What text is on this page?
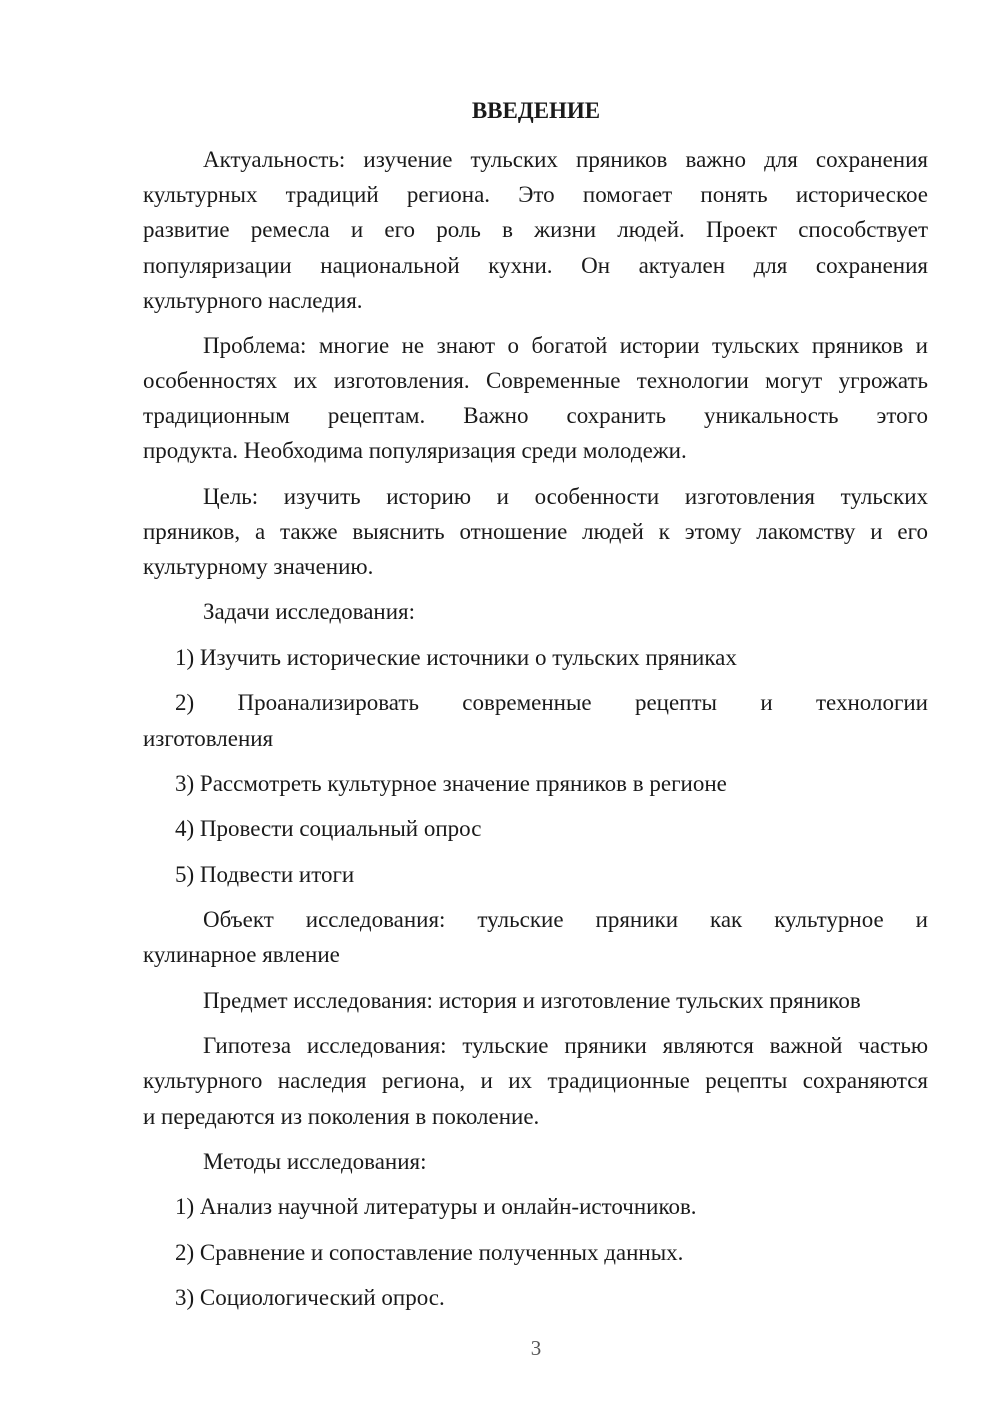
ВВЕДЕНИЕ
Актуальность: изучение тульских пряников важно для сохранения
культурных традиций региона. Это помогает понять историческое
развитие ремесла и его роль в жизни людей. Проект способствует
популяризации национальной кухни. Он актуален для сохранения
культурного наследия.
Проблема: многие не знают о богатой истории тульских пряников и
особенностях их изготовления. Современные технологии могут угрожать
традиционным рецептам. Важно сохранить уникальность этого
продукта. Необходима популяризация среди молодежи.
Цель: изучить историю и особенности изготовления тульских
пряников, а также выяснить отношение людей к этому лакомству и его
культурному значению.
Задачи исследования:
1) Изучить исторические источники о тульских пряниках
2) Проанализировать современные рецепты и технологии
изготовления
3) Рассмотреть культурное значение пряников в регионе
4) Провести социальный опрос
5) Подвести итоги
Объект исследования: тульские пряники как культурное и
кулинарное явление
Предмет исследования: история и изготовление тульских пряников
Гипотеза исследования: тульские пряники являются важной частью
культурного наследия региона, и их традиционные рецепты сохраняются
и передаются из поколения в поколение.
Методы исследования:
1) Анализ научной литературы и онлайн-источников.
2) Сравнение и сопоставление полученных данных.
3) Социологический опрос.
3
